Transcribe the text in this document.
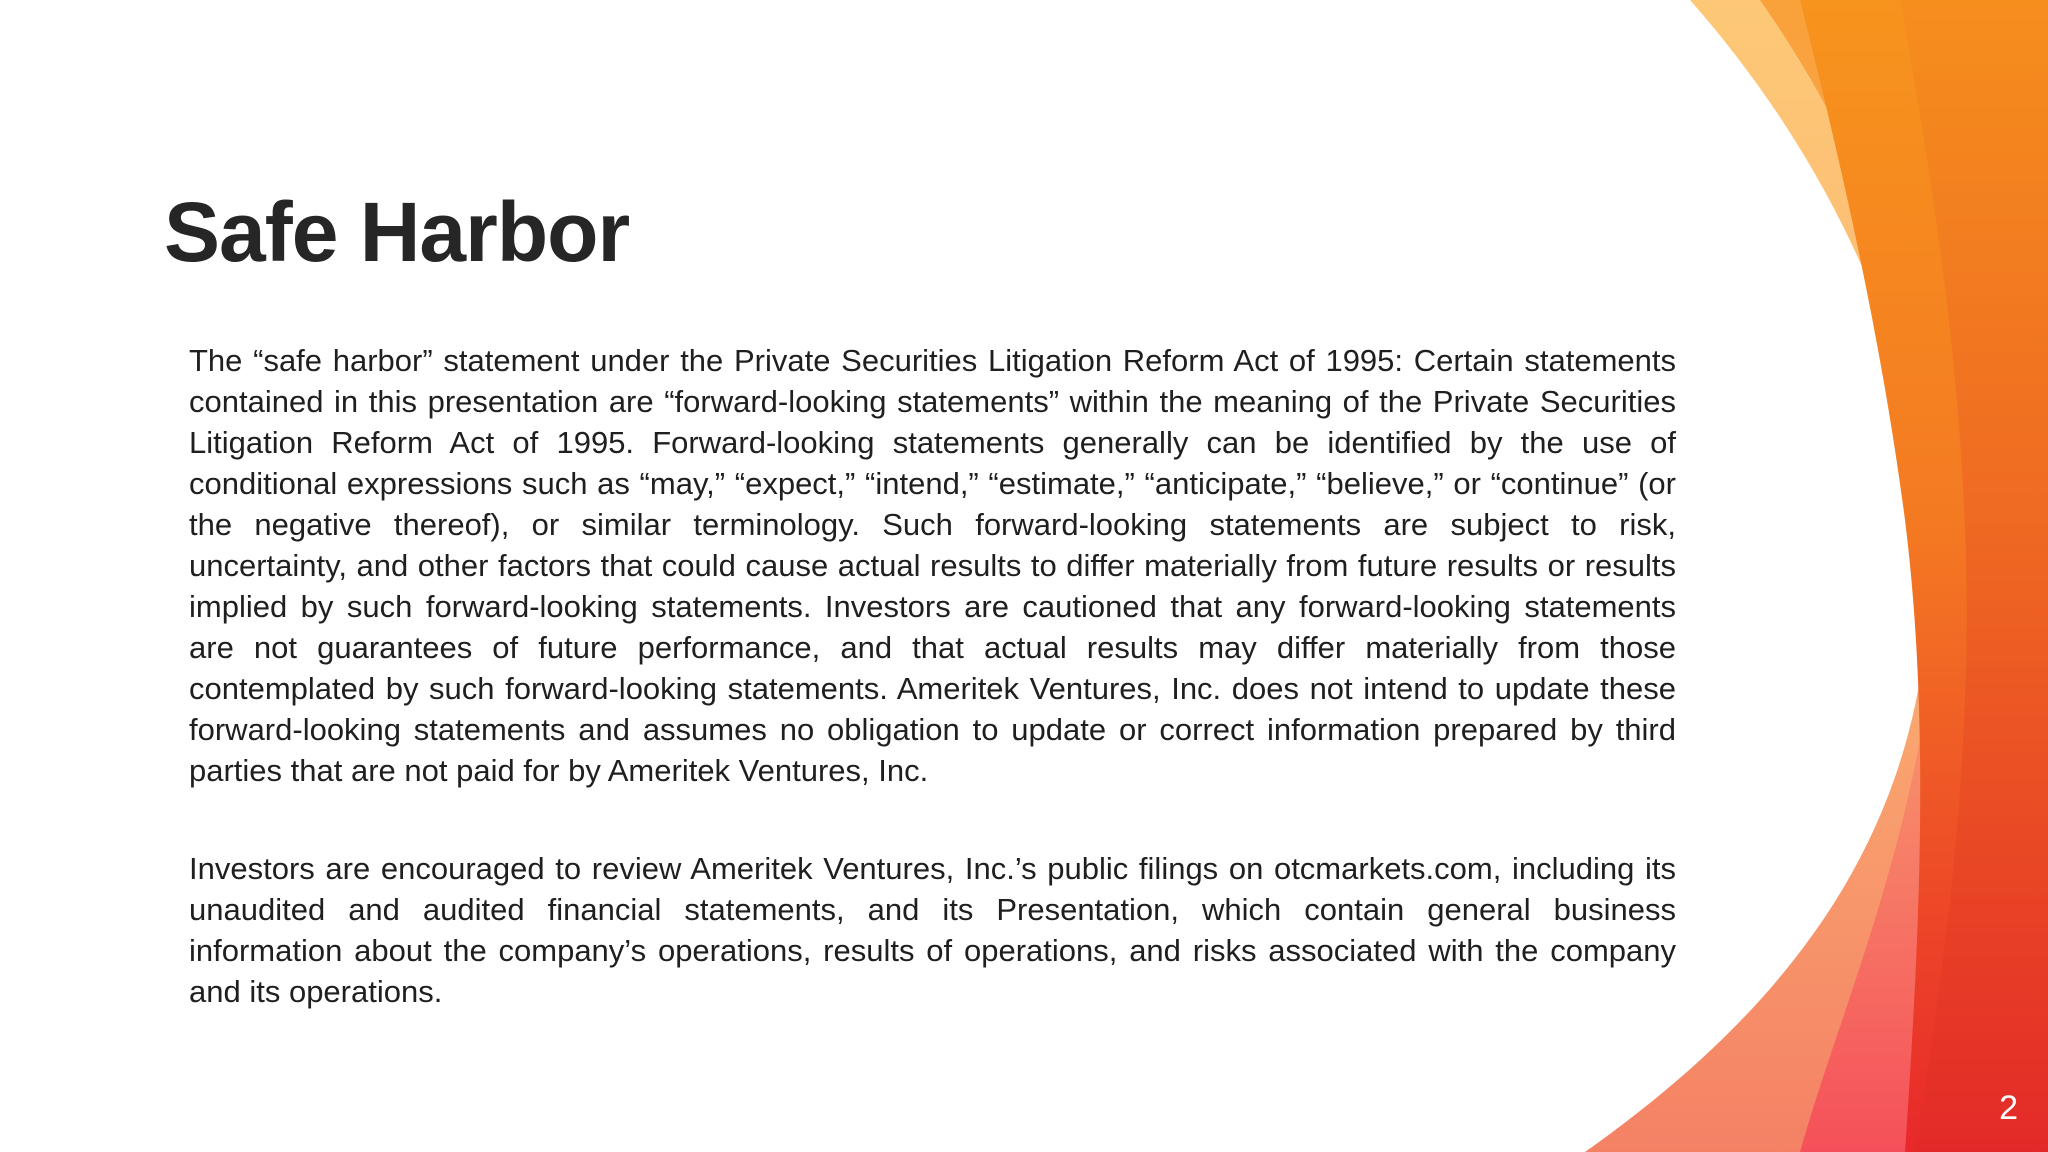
Safe Harbor

The “safe harbor” statement under the Private Securities Litigation Reform Act of 1995: Certain statements contained in this presentation are “forward-looking statements” within the meaning of the Private Securities Litigation Reform Act of 1995. Forward-looking statements generally can be identified by the use of conditional expressions such as “may,” “expect,” “intend,” “estimate,” “anticipate,” “believe,” or “continue” (or the negative thereof), or similar terminology. Such forward-looking statements are subject to risk, uncertainty, and other factors that could cause actual results to differ materially from future results or results implied by such forward-looking statements. Investors are cautioned that any forward-looking statements are not guarantees of future performance, and that actual results may differ materially from those contemplated by such forward-looking statements. Ameritek Ventures, Inc. does not intend to update these forward-looking statements and assumes no obligation to update or correct information prepared by third parties that are not paid for by Ameritek Ventures, Inc.

Investors are encouraged to review Ameritek Ventures, Inc.’s public filings on otcmarkets.com, including its unaudited and audited financial statements, and its Presentation, which contain general business information about the company’s operations, results of operations, and risks associated with the company and its operations.

2
